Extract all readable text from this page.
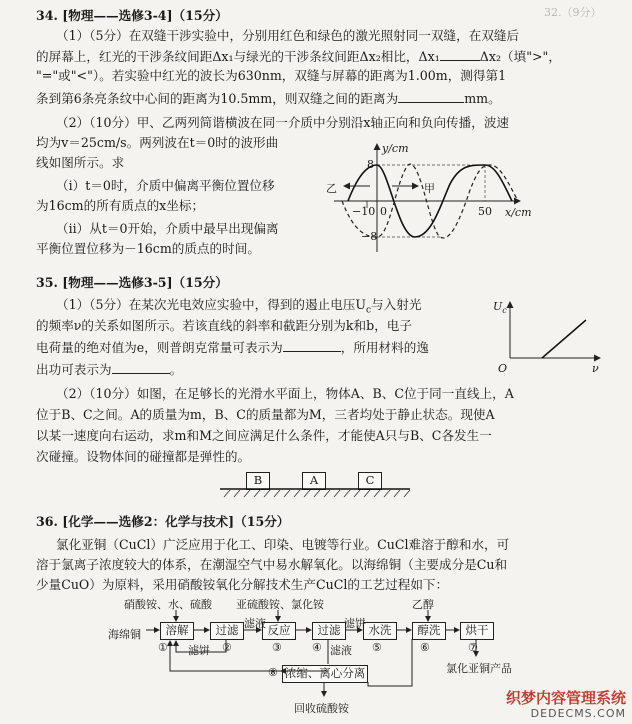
32.（9分）
34. [物理——选修3-4]（15分）
（1）（5分）在双缝干涉实验中，分别用红色和绿色的激光照射同一双缝，在双缝后
的屏幕上，红光的干涉条纹间距Δx₁与绿光的干涉条纹间距Δx₂相比，Δx₁	Δx₂（填">"，
"="或"<"）。若实验中红光的波长为630nm，双缝与屏幕的距离为1.00m，测得第1
条到第6条亮条纹中心间的距离为10.5mm，则双缝之间的距离为	mm。
（2）（10分）甲、乙两列简谐横波在同一介质中分别沿x轴正向和负向传播，波速
均为v＝25cm/s。两列波在t＝0时的波形曲
线如图所示。求
（i）t＝0时，介质中偏离平衡位置位移
为16cm的所有质点的x坐标；
（ii）从t＝0开始，介质中最早出现偏离
平衡位置位移为－16cm的质点的时间。
y/cm
x/cm
乙	甲
8
−8
−10 0	50
35. [物理——选修3-5]（15分）
（1）（5分）在某次光电效应实验中，得到的遏止电压$U_c$与入射光
的频率ν的关系如图所示。若该直线的斜率和截距分别为k和b，电子
电荷量的绝对值为e，则普朗克常量可表示为	，所用材料的逸
出功可表示为	。
$U_c$
O	ν
（2）（10分）如图，在足够长的光滑水平面上，物体A、B、C位于同一直线上，A
位于B、C之间。A的质量为m，B、C的质量都为M，三者均处于静止状态。现使A
以某一速度向右运动，求m和M之间应满足什么条件，才能使A只与B、C各发生一
次碰撞。设物体间的碰撞都是弹性的。
B	A	C
36. [化学——选修2：化学与技术]（15分）
氯化亚铜（CuCl）广泛应用于化工、印染、电镀等行业。CuCl难溶于醇和水，可
溶于氯离子浓度较大的体系，在潮湿空气中易水解氧化。以海绵铜（主要成分是Cu和
少量CuO）为原料，采用硝酸铵氧化分解技术生产CuCl的工艺过程如下：
硝酸铵、水、硫酸 亚硫酸铵、氯化铵	乙醇
海绵铜	溶解	过滤	反应	过滤	水洗	醇洗	烘干
浓缩、离心分离
滤液	滤饼
滤饼	滤液
氯化亚铜产品
回收硫酸铵
①	②	③	④	⑤	⑥	⑦
⑧
织梦内容管理系统
DEDECMS.COM
